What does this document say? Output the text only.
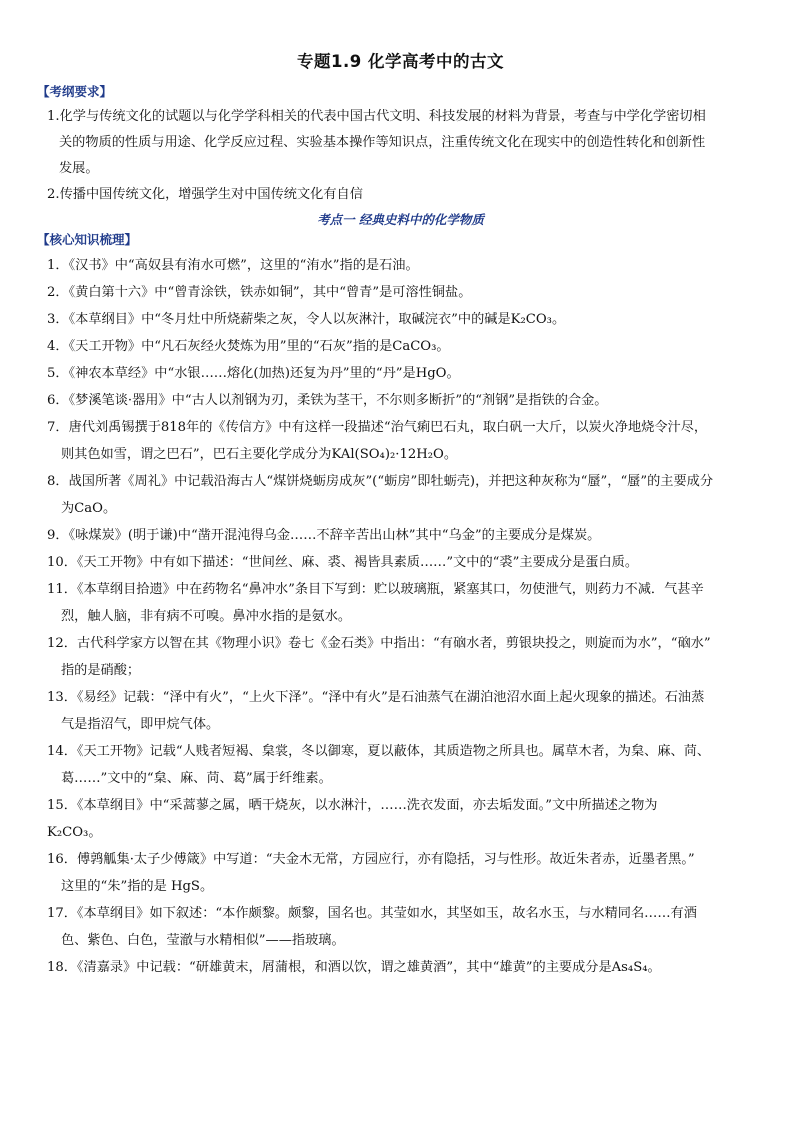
专题1.9 化学高考中的古文
【考纲要求】
1.化学与传统文化的试题以与化学学科相关的代表中国古代文明、科技发展的材料为背景，考查与中学化学密切相
关的物质的性质与用途、化学反应过程、实验基本操作等知识点，注重传统文化在现实中的创造性转化和创新性
发展。
2.传播中国传统文化，增强学生对中国传统文化有自信
考点一 经典史料中的化学物质
【核心知识梳理】
1．《汉书》中“高奴县有洧水可燃”，这里的“洧水”指的是石油。
2．《黄白第十六》中“曾青涂铁，铁赤如铜”，其中“曾青”是可溶性铜盐。
3．《本草纲目》中“冬月灶中所烧薪柴之灰，令人以灰淋汁，取碱浣衣”中的碱是K₂CO₃。
4．《天工开物》中“凡石灰经火焚炼为用”里的“石灰”指的是CaCO₃。
5．《神农本草经》中“水银……熔化(加热)还复为丹”里的“丹”是HgO。
6．《梦溪笔谈·器用》中“古人以剂钢为刃，柔铁为茎干，不尔则多断折”的“剂钢”是指铁的合金。
7．唐代刘禹锡撰于818年的《传信方》中有这样一段描述“治气痢巴石丸，取白矾一大斤，以炭火净地烧令汁尽，
则其色如雪，谓之巴石”，巴石主要化学成分为KAl(SO₄)₂·12H₂O。
8．战国所著《周礼》中记载沿海古人“煤饼烧蛎房成灰”(“蛎房”即牡蛎壳)，并把这种灰称为“蜃”，“蜃”的主要成分
为CaO。
9．《咏煤炭》(明于谦)中“凿开混沌得乌金……不辞辛苦出山林”其中“乌金”的主要成分是煤炭。
10．《天工开物》中有如下描述：“世间丝、麻、裘、褐皆具素质……”文中的“裘”主要成分是蛋白质。
11．《本草纲目拾遗》中在药物名“鼻冲水”条目下写到：贮以玻璃瓶，紧塞其口，勿使泄气，则药力不减．气甚辛
烈，触人脑，非有病不可嗅。鼻冲水指的是氨水。
12．古代科学家方以智在其《物理小识》卷七《金石类》中指出：“有硇水者，剪银块投之，则旋而为水”，“硇水”
指的是硝酸；
13．《易经》记载：“泽中有火”，“上火下泽”。“泽中有火”是石油蒸气在湖泊池沼水面上起火现象的描述。石油蒸
气是指沼气，即甲烷气体。
14．《天工开物》记载“人贱者短褐、枲裳，冬以御寒，夏以蔽体，其质造物之所具也。属草木者，为枲、麻、苘、
葛……”文中的“枲、麻、苘、葛”属于纤维素。
15．《本草纲目》中“采蒿蓼之属，晒干烧灰，以水淋汁，……洗衣发面，亦去垢发面。”文中所描述之物为
K₂CO₃。
16．傅鹑觚集·太子少傅箴》中写道：“夫金木无常，方园应行，亦有隐括，习与性形。故近朱者赤，近墨者黑。”
这里的“朱”指的是 HgS。
17．《本草纲目》如下叙述：“本作颇黎。颇黎，国名也。其莹如水，其坚如玉，故名水玉，与水精同名……有酒
色、紫色、白色，莹澈与水精相似”——指玻璃。
18．《清嘉录》中记载：“研雄黄末，屑蒲根，和酒以饮，谓之雄黄酒”，其中“雄黄”的主要成分是As₄S₄。
